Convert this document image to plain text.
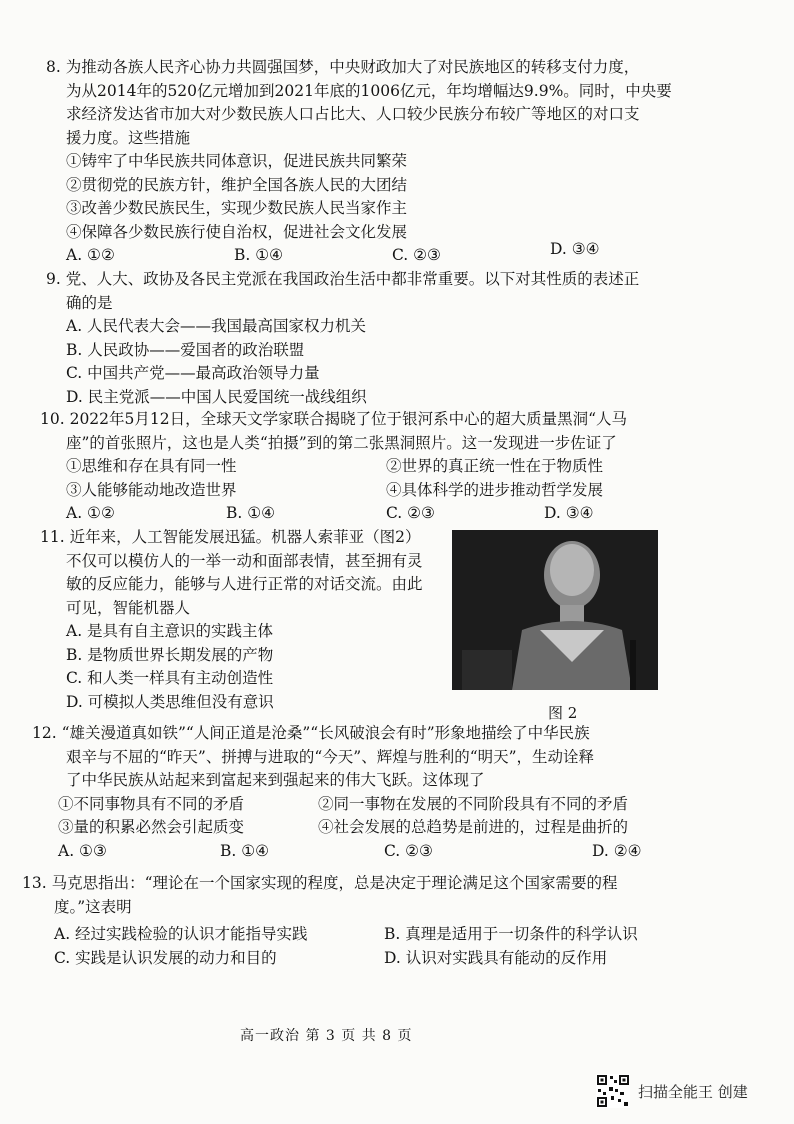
8. 为推动各族人民齐心协力共圆强国梦，中央财政加大了对民族地区的转移支付力度，
为从2014年的520亿元增加到2021年底的1006亿元，年均增幅达9.9%。同时，中央要
求经济发达省市加大对少数民族人口占比大、人口较少民族分布较广等地区的对口支
援力度。这些措施
①铸牢了中华民族共同体意识，促进民族共同繁荣
②贯彻党的民族方针，维护全国各族人民的大团结
③改善少数民族民生，实现少数民族人民当家作主
④保障各少数民族行使自治权，促进社会文化发展
A. ①②	B. ①④	C. ②③	D. ③④
9. 党、人大、政协及各民主党派在我国政治生活中都非常重要。以下对其性质的表述正
确的是
A. 人民代表大会——我国最高国家权力机关
B. 人民政协——爱国者的政治联盟
C. 中国共产党——最高政治领导力量
D. 民主党派——中国人民爱国统一战线组织
10. 2022年5月12日，全球天文学家联合揭晓了位于银河系中心的超大质量黑洞“人马
座”的首张照片，这也是人类“拍摄”到的第二张黑洞照片。这一发现进一步佐证了
①思维和存在具有同一性	②世界的真正统一性在于物质性
③人能够能动地改造世界	④具体科学的进步推动哲学发展
A. ①②	B. ①④	C. ②③	D. ③④
11. 近年来，人工智能发展迅猛。机器人索菲亚（图2）
不仅可以模仿人的一举一动和面部表情，甚至拥有灵
敏的反应能力，能够与人进行正常的对话交流。由此
可见，智能机器人
A. 是具有自主意识的实践主体
B. 是物质世界长期发展的产物
C. 和人类一样具有主动创造性
D. 可模拟人类思维但没有意识
图 2
12. “雄关漫道真如铁”“人间正道是沧桑”“长风破浪会有时”形象地描绘了中华民族
艰辛与不屈的“昨天”、拼搏与进取的“今天”、辉煌与胜利的“明天”，生动诠释
了中华民族从站起来到富起来到强起来的伟大飞跃。这体现了
①不同事物具有不同的矛盾	②同一事物在发展的不同阶段具有不同的矛盾
③量的积累必然会引起质变	④社会发展的总趋势是前进的，过程是曲折的
A. ①③	B. ①④	C. ②③	D. ②④
13. 马克思指出：“理论在一个国家实现的程度，总是决定于理论满足这个国家需要的程
度。”这表明
A. 经过实践检验的认识才能指导实践	B. 真理是适用于一切条件的科学认识
C. 实践是认识发展的动力和目的	D. 认识对实践具有能动的反作用
高一政治 第 3 页 共 8 页
扫描全能王 创建
